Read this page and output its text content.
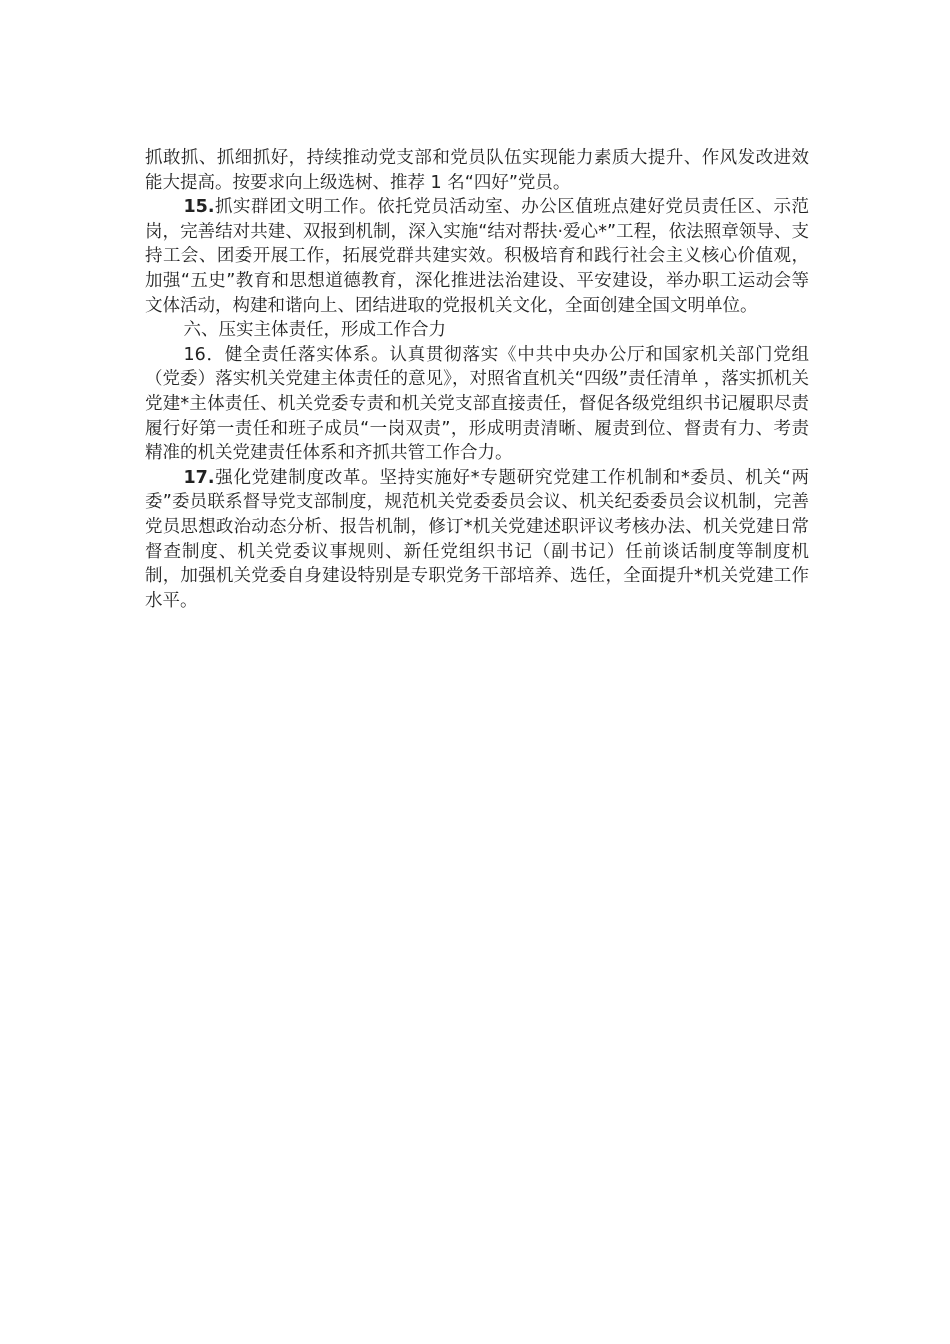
抓敢抓、抓细抓好，持续推动党支部和党员队伍实现能力素质大提升、作风发改进效能大提高。按要求向上级选树、推荐 1 名“四好”党员。

15.抓实群团文明工作。依托党员活动室、办公区值班点建好党员责任区、示范岗，完善结对共建、双报到机制，深入实施“结对帮扶·爱心*”工程，依法照章领导、支持工会、团委开展工作，拓展党群共建实效。积极培育和践行社会主义核心价值观，加强“五史”教育和思想道德教育，深化推进法治建设、平安建设，举办职工运动会等文体活动，构建和谐向上、团结进取的党报机关文化，全面创建全国文明单位。

六、压实主体责任，形成工作合力

16．健全责任落实体系。认真贯彻落实《中共中央办公厅和国家机关部门党组（党委）落实机关党建主体责任的意见》，对照省直机关“四级”责任清单 ，落实抓机关党建*主体责任、机关党委专责和机关党支部直接责任，督促各级党组织书记履职尽责履行好第一责任和班子成员“一岗双责”，形成明责清晰、履责到位、督责有力、考责精准的机关党建责任体系和齐抓共管工作合力。

17.强化党建制度改革。坚持实施好*专题研究党建工作机制和*委员、机关“两委”委员联系督导党支部制度，规范机关党委委员会议、机关纪委委员会议机制，完善党员思想政治动态分析、报告机制，修订*机关党建述职评议考核办法、机关党建日常督查制度、机关党委议事规则、新任党组织书记（副书记）任前谈话制度等制度机制，加强机关党委自身建设特别是专职党务干部培养、选任，全面提升*机关党建工作水平。
